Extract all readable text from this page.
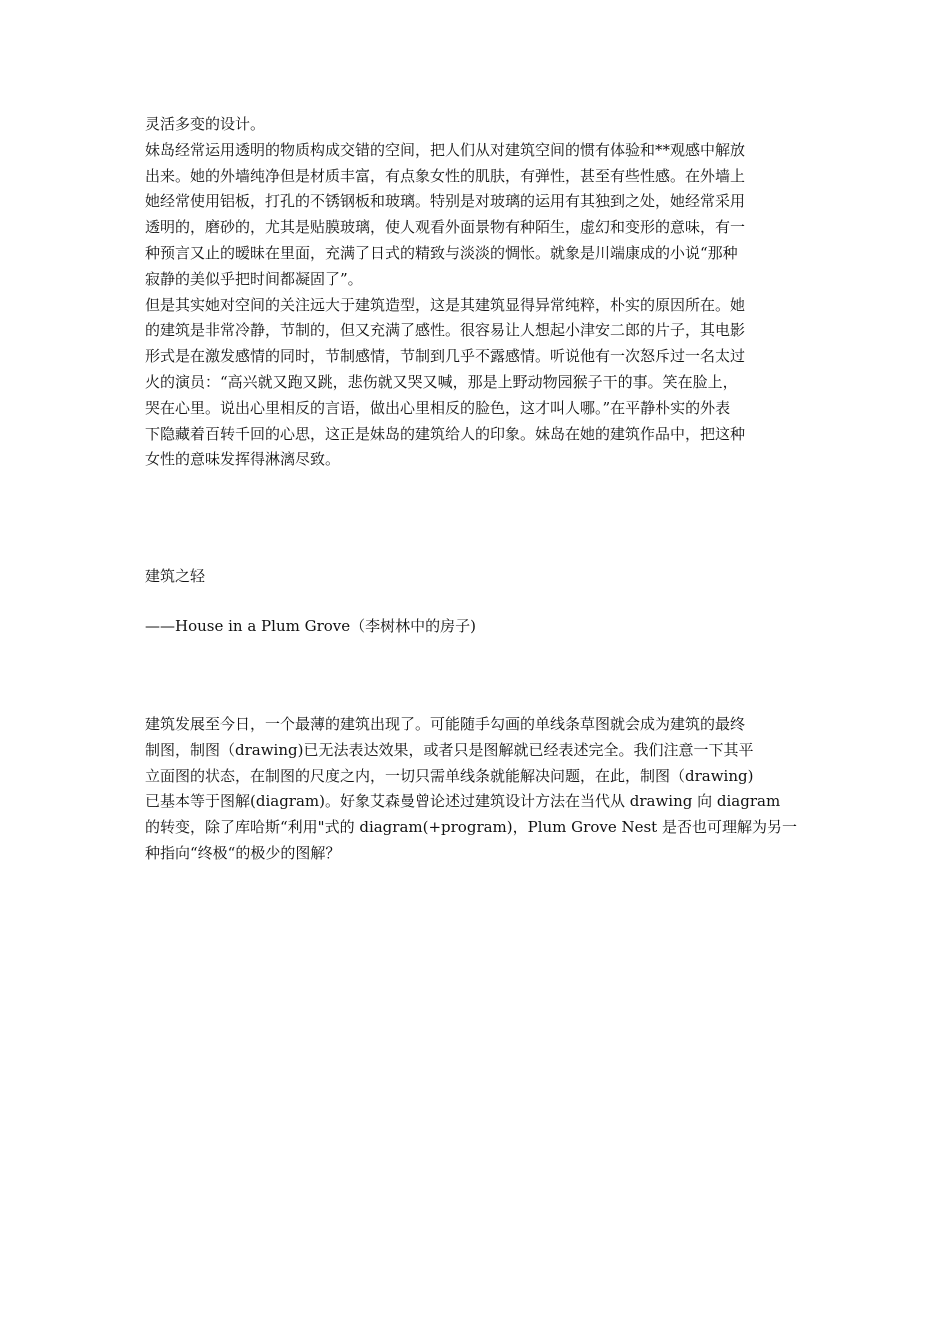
灵活多变的设计。

妹岛经常运用透明的物质构成交错的空间，把人们从对建筑空间的惯有体验和**观感中解放
出来。她的外墙纯净但是材质丰富，有点象女性的肌肤，有弹性，甚至有些性感。在外墙上
她经常使用铝板，打孔的不锈钢板和玻璃。特别是对玻璃的运用有其独到之处，她经常采用
透明的，磨砂的，尤其是贴膜玻璃，使人观看外面景物有种陌生，虚幻和变形的意味，有一
种预言又止的暧昧在里面，充满了日式的精致与淡淡的惆怅。就象是川端康成的小说“那种
寂静的美似乎把时间都凝固了”。

但是其实她对空间的关注远大于建筑造型，这是其建筑显得异常纯粹，朴实的原因所在。她
的建筑是非常冷静，节制的，但又充满了感性。很容易让人想起小津安二郎的片子，其电影
形式是在激发感情的同时，节制感情，节制到几乎不露感情。听说他有一次怒斥过一名太过
火的演员：“高兴就又跑又跳，悲伤就又哭又喊，那是上野动物园猴子干的事。笑在脸上，
哭在心里。说出心里相反的言语，做出心里相反的脸色，这才叫人哪。”在平静朴实的外表
下隐藏着百转千回的心思，这正是妹岛的建筑给人的印象。妹岛在她的建筑作品中，把这种
女性的意味发挥得淋漓尽致。

建筑之轻

——House in a Plum Grove（李树林中的房子)

建筑发展至今日，一个最薄的建筑出现了。可能随手勾画的单线条草图就会成为建筑的最终
制图，制图（drawing)已无法表达效果，或者只是图解就已经表述完全。我们注意一下其平
立面图的状态，在制图的尺度之内，一切只需单线条就能解决问题，在此，制图（drawing)
已基本等于图解(diagram)。好象艾森曼曾论述过建筑设计方法在当代从 drawing 向 diagram
的转变，除了库哈斯“利用"式的 diagram(+program)，Plum Grove Nest 是否也可理解为另一
种指向“终极“的极少的图解？
